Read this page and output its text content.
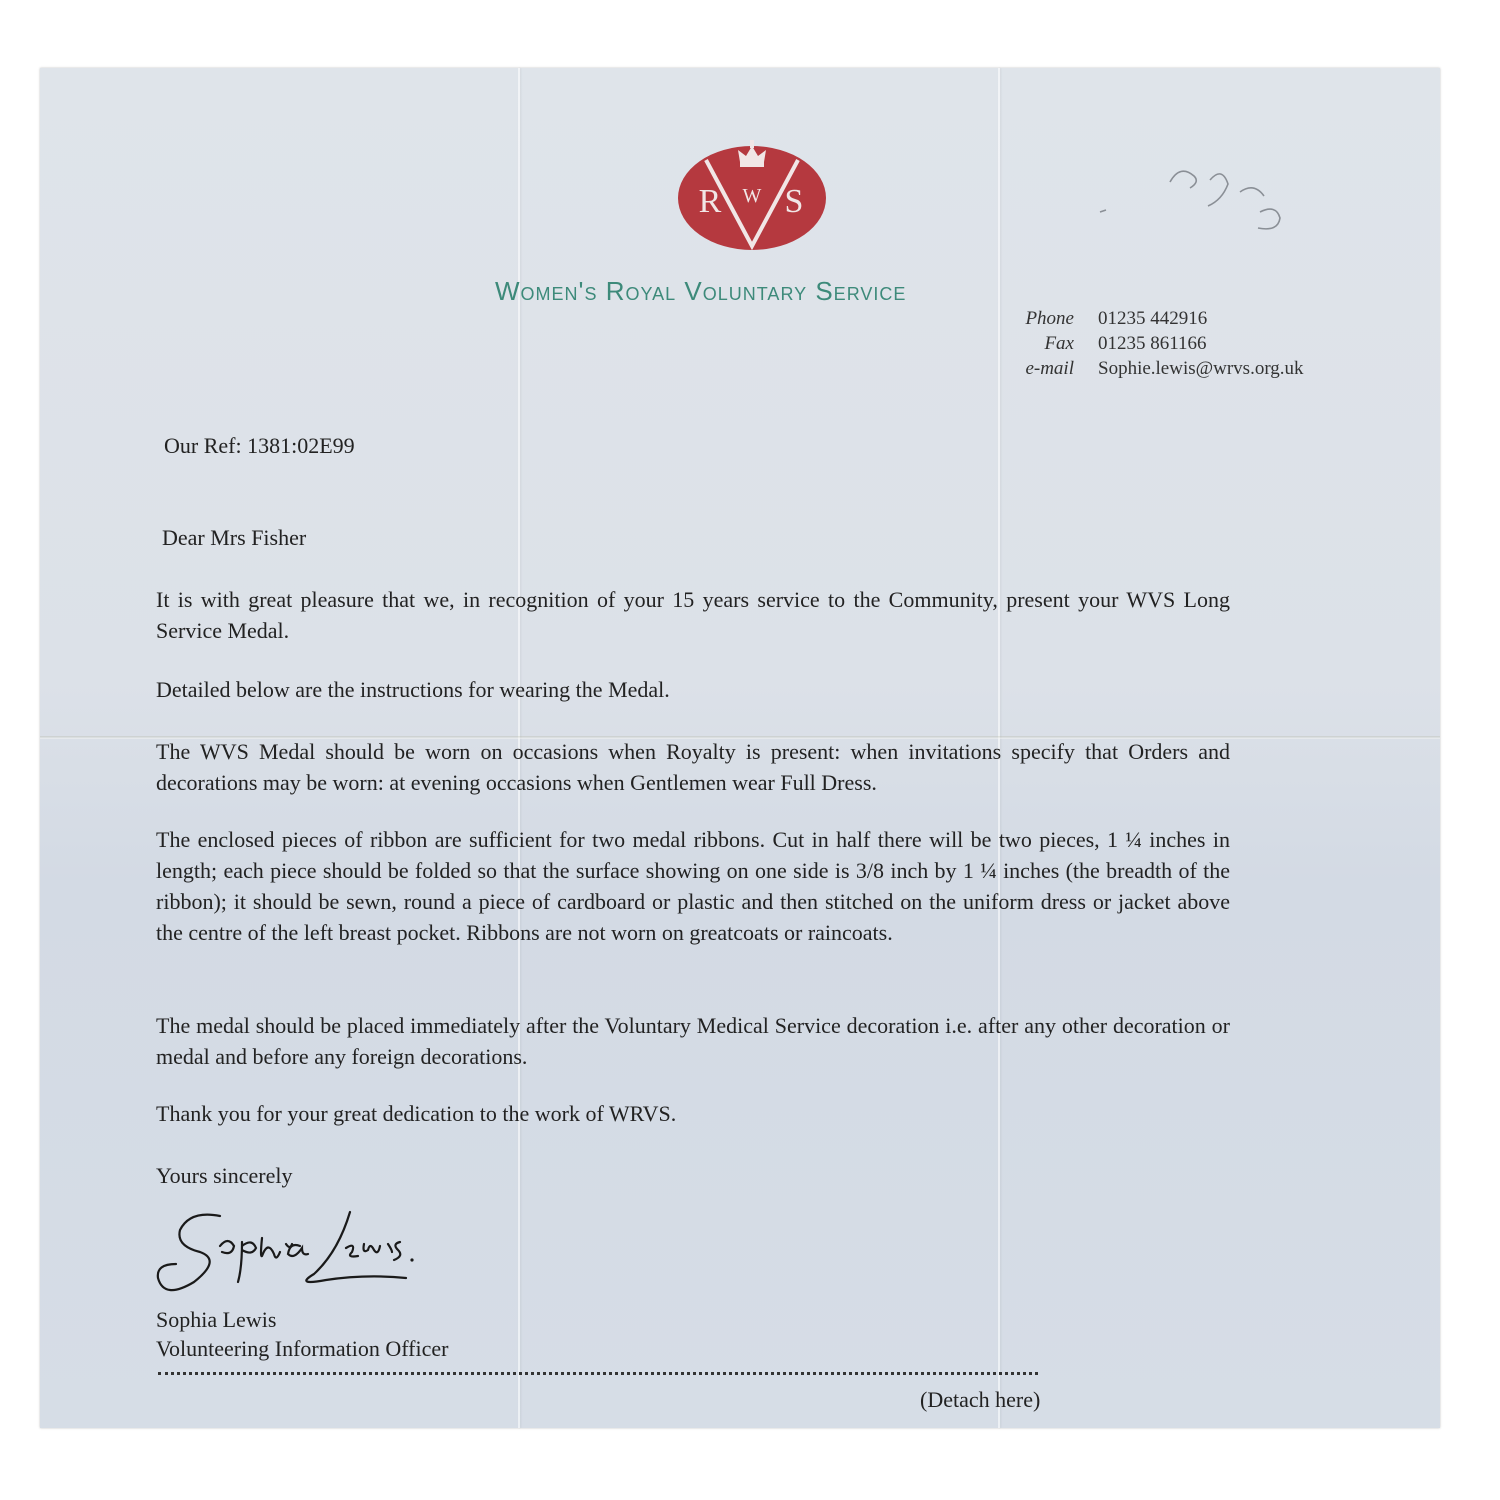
R W S
Women's Royal Voluntary Service
Phone 01235 442916
Fax 01235 861166
e-mail Sophie.lewis@wrvs.org.uk
Our Ref: 1381:02E99
Dear Mrs Fisher
It is with great pleasure that we, in recognition of your 15 years service to the Community, present your WVS Long Service Medal.
Detailed below are the instructions for wearing the Medal.
The WVS Medal should be worn on occasions when Royalty is present: when invitations specify that Orders and decorations may be worn: at evening occasions when Gentlemen wear Full Dress.
The enclosed pieces of ribbon are sufficient for two medal ribbons. Cut in half there will be two pieces, 1 ¼ inches in length; each piece should be folded so that the surface showing on one side is 3/8 inch by 1 ¼ inches (the breadth of the ribbon); it should be sewn, round a piece of cardboard or plastic and then stitched on the uniform dress or jacket above the centre of the left breast pocket. Ribbons are not worn on greatcoats or raincoats.
The medal should be placed immediately after the Voluntary Medical Service decoration i.e. after any other decoration or medal and before any foreign decorations.
Thank you for your great dedication to the work of WRVS.
Yours sincerely
Sophia Lewis
Volunteering Information Officer
(Detach here)
